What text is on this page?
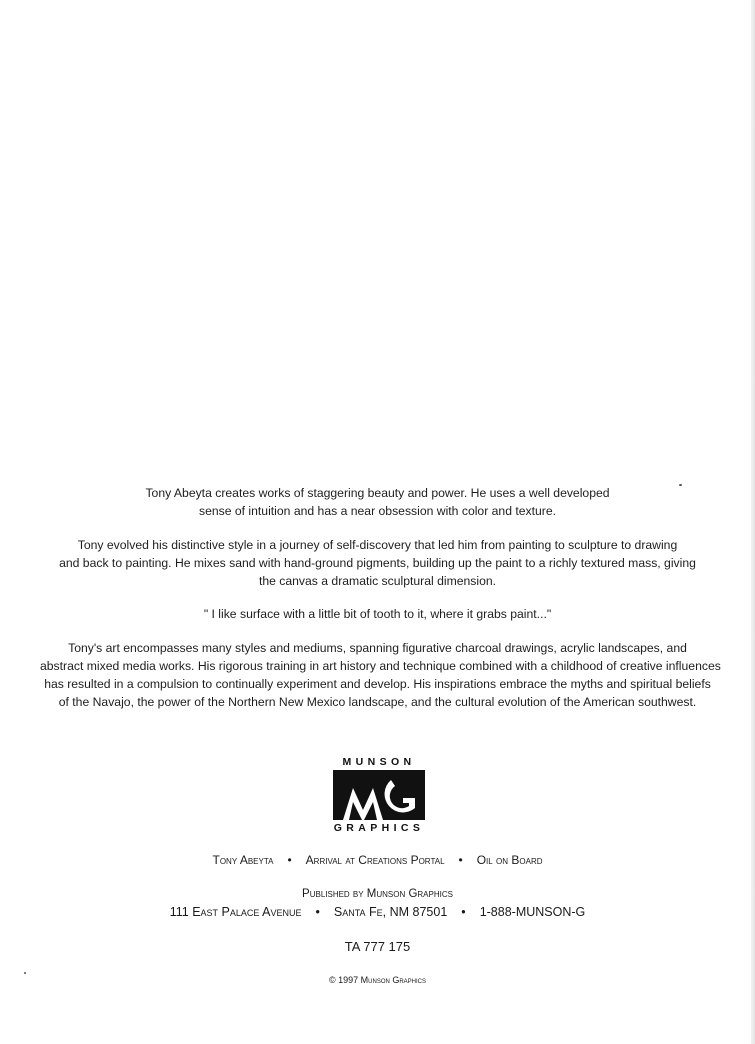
Tony Abeyta creates works of staggering beauty and power. He uses a well developed
sense of intuition and has a near obsession with color and texture.
Tony evolved his distinctive style in a journey of self-discovery that led him from painting to sculpture to drawing
and back to painting. He mixes sand with hand-ground pigments, building up the paint to a richly textured mass, giving
the canvas a dramatic sculptural dimension.
" I like surface with a little bit of tooth to it, where it grabs paint..."
Tony's art encompasses many styles and mediums, spanning figurative charcoal drawings, acrylic landscapes, and
abstract mixed media works. His rigorous training in art history and technique combined with a childhood of creative influences
has resulted in a compulsion to continually experiment and develop. His inspirations embrace the myths and spiritual beliefs
of the Navajo, the power of the Northern New Mexico landscape, and the cultural evolution of the American southwest.
MUNSON
GRAPHICS
Tony Abeyta • Arrival at Creations Portal • Oil on Board
Published by Munson Graphics
111 East Palace Avenue • Santa Fe, NM 87501 • 1-888-MUNSON-G
TA 777 175
© 1997 Munson Graphics
